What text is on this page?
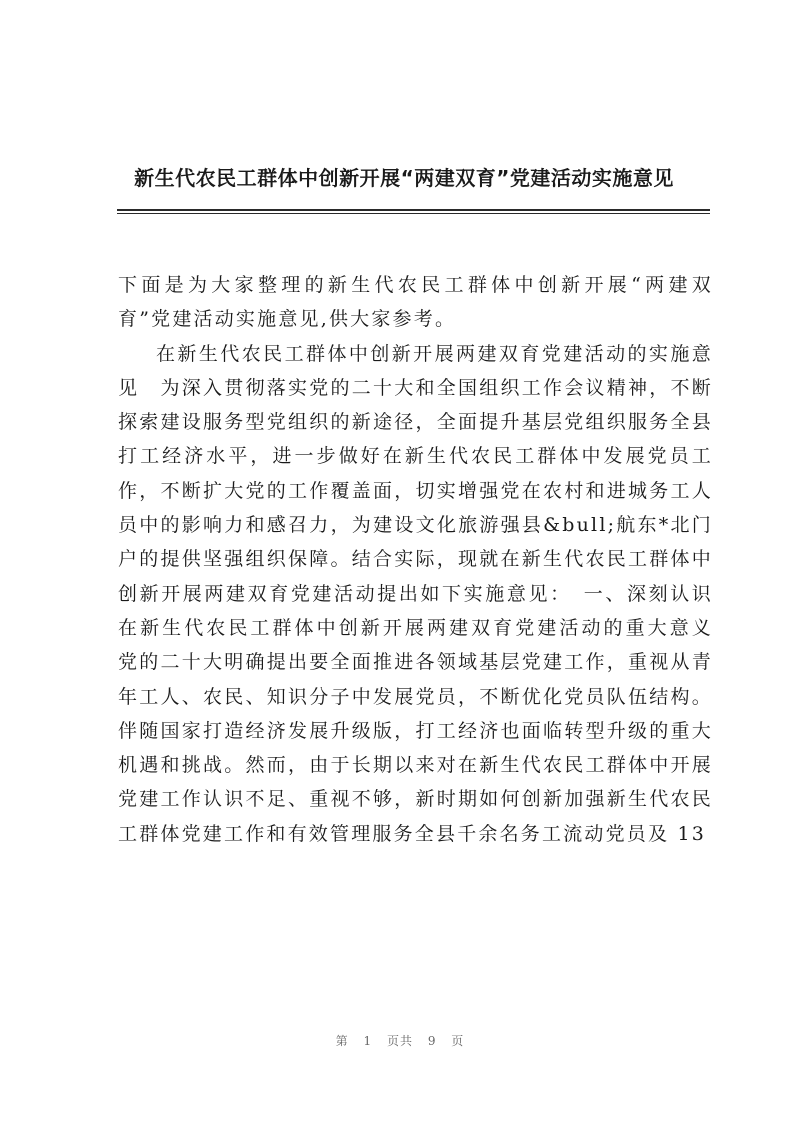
新生代农民工群体中创新开展“两建双育”党建活动实施意见

下面是为大家整理的新生代农民工群体中创新开展“两建双育”党建活动实施意见,供大家参考。

在新生代农民工群体中创新开展两建双育党建活动的实施意见　为深入贯彻落实党的二十大和全国组织工作会议精神，不断探索建设服务型党组织的新途径，全面提升基层党组织服务全县打工经济水平，进一步做好在新生代农民工群体中发展党员工作，不断扩大党的工作覆盖面，切实增强党在农村和进城务工人员中的影响力和感召力，为建设文化旅游强县&bull;航东*北门户的提供坚强组织保障。结合实际，现就在新生代农民工群体中创新开展两建双育党建活动提出如下实施意见：　一、深刻认识在新生代农民工群体中创新开展两建双育党建活动的重大意义　党的二十大明确提出要全面推进各领域基层党建工作，重视从青年工人、农民、知识分子中发展党员，不断优化党员队伍结构。伴随国家打造经济发展升级版，打工经济也面临转型升级的重大机遇和挑战。然而，由于长期以来对在新生代农民工群体中开展党建工作认识不足、重视不够，新时期如何创新加强新生代农民工群体党建工作和有效管理服务全县千余名务工流动党员及 13

第 1 页共 9 页
